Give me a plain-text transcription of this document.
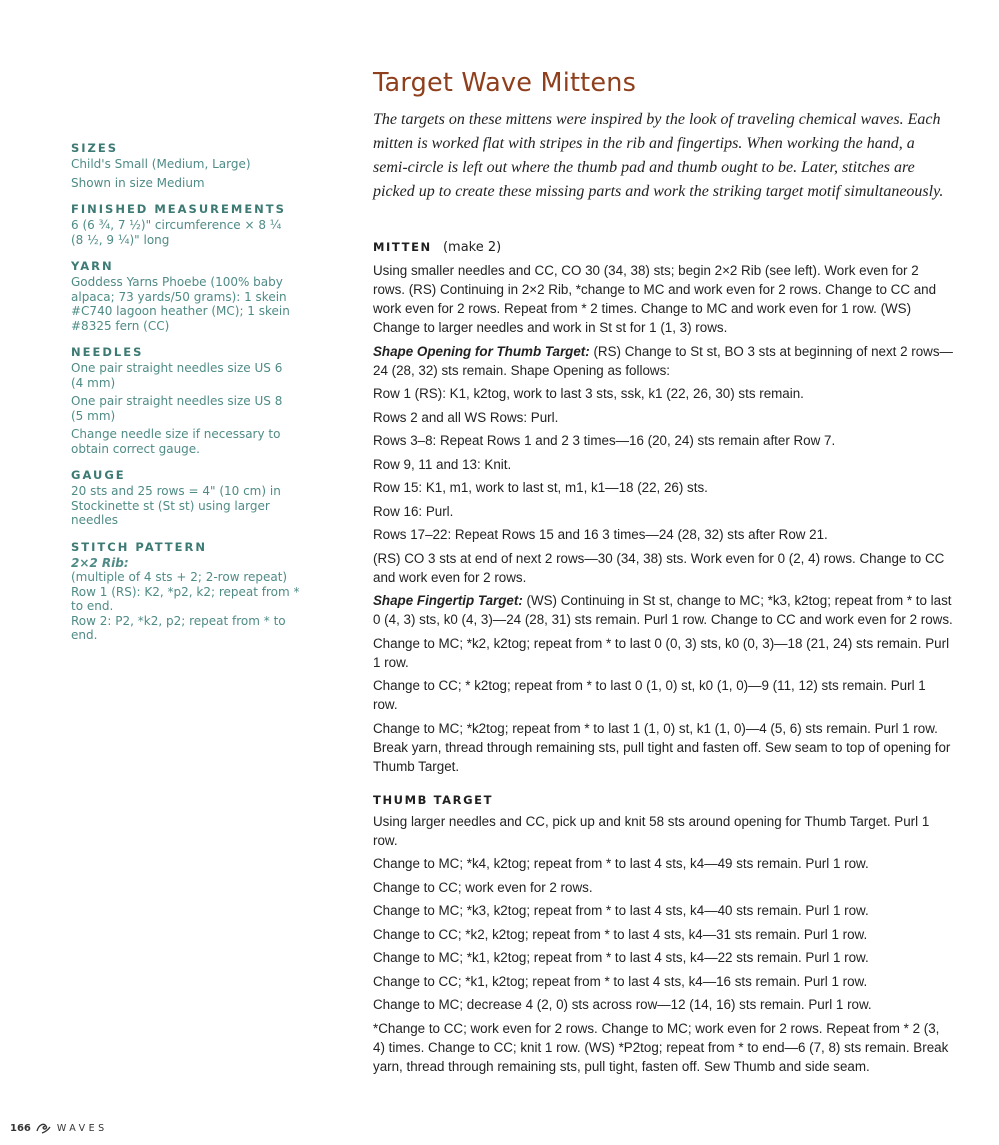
SIZES

Child's Small (Medium, Large)

Shown in size Medium

FINISHED MEASUREMENTS

6 (6 ¾, 7 ½)" circumference × 8 ¼

(8 ½, 9 ¼)" long

YARN

Goddess Yarns Phoebe (100% baby

alpaca; 73 yards/50 grams): 1 skein

#C740 lagoon heather (MC); 1 skein

#8325 fern (CC)

NEEDLES

One pair straight needles size US 6

(4 mm)

One pair straight needles size US 8

(5 mm)

Change needle size if necessary to

obtain correct gauge.

GAUGE

20 sts and 25 rows = 4" (10 cm) in

Stockinette st (St st) using larger

needles

STITCH PATTERN

2×2 Rib:

(multiple of 4 sts + 2; 2-row repeat)

Row 1 (RS): K2, *p2, k2; repeat from *

to end.

Row 2: P2, *k2, p2; repeat from * to

end.

Target Wave Mittens

The targets on these mittens were inspired by the look of traveling chemical waves. Each mitten is worked flat with stripes in the rib and fingertips. When working the hand, a semi-circle is left out where the thumb pad and thumb ought to be. Later, stitches are picked up to create these missing parts and work the striking target motif simultaneously.

MITTEN (make 2)

Using smaller needles and CC, CO 30 (34, 38) sts; begin 2×2 Rib (see left). Work even for 2 rows. (RS) Continuing in 2×2 Rib, *change to MC and work even for 2 rows. Change to CC and work even for 2 rows. Repeat from * 2 times. Change to MC and work even for 1 row. (WS) Change to larger needles and work in St st for 1 (1, 3) rows.

Shape Opening for Thumb Target: (RS) Change to St st, BO 3 sts at beginning of next 2 rows—24 (28, 32) sts remain. Shape Opening as follows:

Row 1 (RS): K1, k2tog, work to last 3 sts, ssk, k1 (22, 26, 30) sts remain.

Rows 2 and all WS Rows: Purl.

Rows 3–8: Repeat Rows 1 and 2 3 times—16 (20, 24) sts remain after Row 7.

Row 9, 11 and 13: Knit.

Row 15: K1, m1, work to last st, m1, k1—18 (22, 26) sts.

Row 16: Purl.

Rows 17–22: Repeat Rows 15 and 16 3 times—24 (28, 32) sts after Row 21.

(RS) CO 3 sts at end of next 2 rows—30 (34, 38) sts. Work even for 0 (2, 4) rows. Change to CC and work even for 2 rows.

Shape Fingertip Target: (WS) Continuing in St st, change to MC; *k3, k2tog; repeat from * to last 0 (4, 3) sts, k0 (4, 3)—24 (28, 31) sts remain. Purl 1 row. Change to CC and work even for 2 rows.

Change to MC; *k2, k2tog; repeat from * to last 0 (0, 3) sts, k0 (0, 3)—18 (21, 24) sts remain. Purl 1 row.

Change to CC; * k2tog; repeat from * to last 0 (1, 0) st, k0 (1, 0)—9 (11, 12) sts remain. Purl 1 row.

Change to MC; *k2tog; repeat from * to last 1 (1, 0) st, k1 (1, 0)—4 (5, 6) sts remain. Purl 1 row. Break yarn, thread through remaining sts, pull tight and fasten off. Sew seam to top of opening for Thumb Target.

THUMB TARGET

Using larger needles and CC, pick up and knit 58 sts around opening for Thumb Target. Purl 1 row.

Change to MC; *k4, k2tog; repeat from * to last 4 sts, k4—49 sts remain. Purl 1 row.

Change to CC; work even for 2 rows.

Change to MC; *k3, k2tog; repeat from * to last 4 sts, k4—40 sts remain. Purl 1 row.

Change to CC; *k2, k2tog; repeat from * to last 4 sts, k4—31 sts remain. Purl 1 row.

Change to MC; *k1, k2tog; repeat from * to last 4 sts, k4—22 sts remain. Purl 1 row.

Change to CC; *k1, k2tog; repeat from * to last 4 sts, k4—16 sts remain. Purl 1 row.

Change to MC; decrease 4 (2, 0) sts across row—12 (14, 16) sts remain. Purl 1 row.

*Change to CC; work even for 2 rows. Change to MC; work even for 2 rows. Repeat from * 2 (3, 4) times. Change to CC; knit 1 row. (WS) *P2tog; repeat from * to end—6 (7, 8) sts remain. Break yarn, thread through remaining sts, pull tight, fasten off. Sew Thumb and side seam.

166	WAVES
